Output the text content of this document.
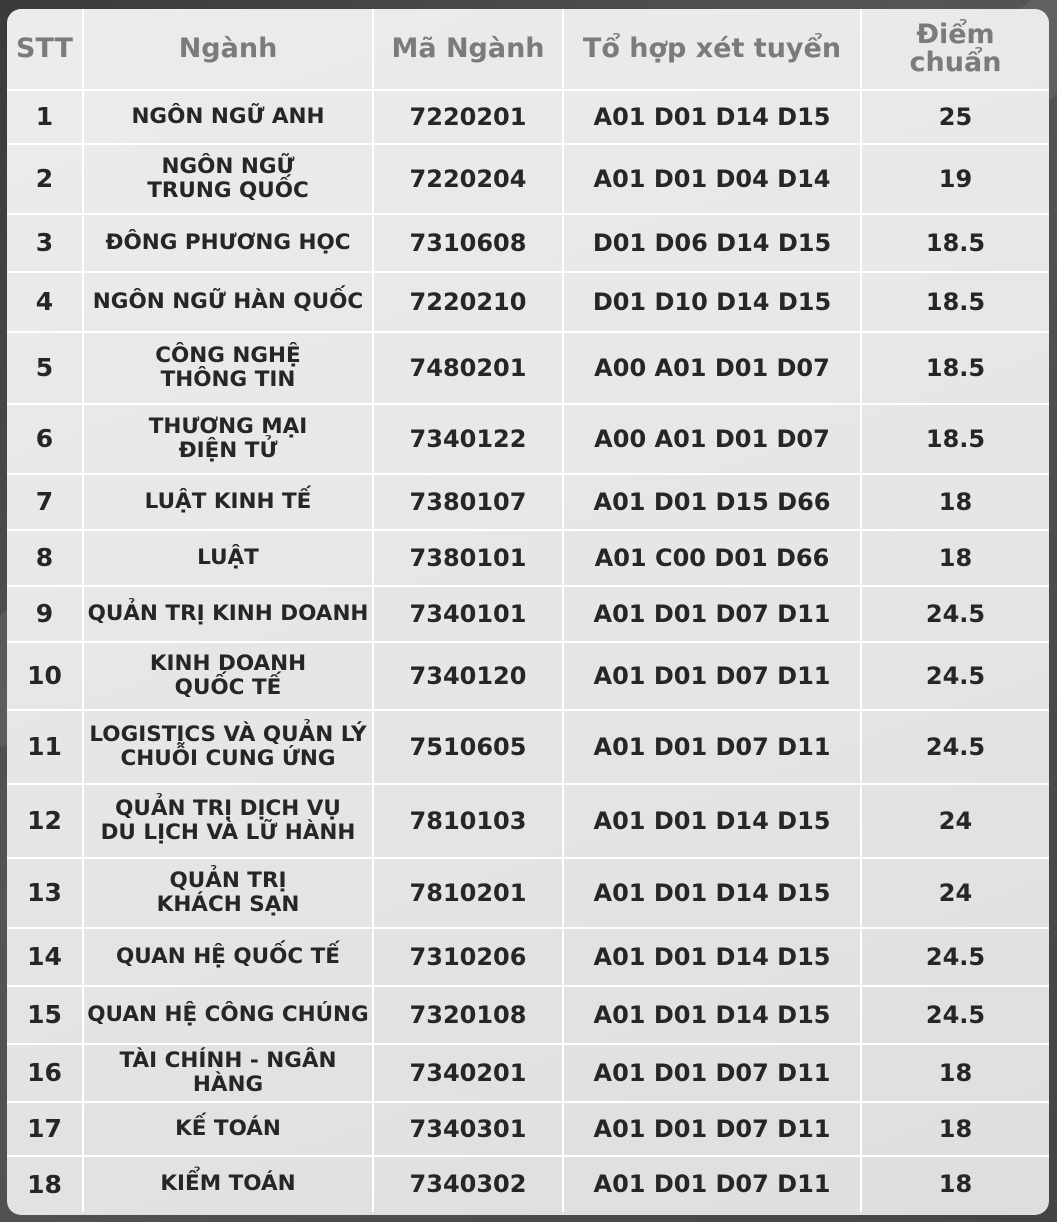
STT	Ngành	Mã Ngành	Tổ hợp xét tuyển	Điểm
chuẩn
1	NGÔN NGỮ ANH	7220201	A01 D01 D14 D15	25
2	NGÔN NGỮ
TRUNG QUỐC	7220204	A01 D01 D04 D14	19
3	ĐÔNG PHƯƠNG HỌC	7310608	D01 D06 D14 D15	18.5
4	NGÔN NGỮ HÀN QUỐC	7220210	D01 D10 D14 D15	18.5
5	CÔNG NGHỆ
THÔNG TIN	7480201	A00 A01 D01 D07	18.5
6	THƯƠNG MẠI
ĐIỆN TỬ	7340122	A00 A01 D01 D07	18.5
7	LUẬT KINH TẾ	7380107	A01 D01 D15 D66	18
8	LUẬT	7380101	A01 C00 D01 D66	18
9	QUẢN TRỊ KINH DOANH	7340101	A01 D01 D07 D11	24.5
10	KINH DOANH
QUỐC TẾ	7340120	A01 D01 D07 D11	24.5
11	LOGISTICS VÀ QUẢN LÝ
CHUỖI CUNG ỨNG	7510605	A01 D01 D07 D11	24.5
12	QUẢN TRỊ DỊCH VỤ
DU LỊCH VÀ LỮ HÀNH	7810103	A01 D01 D14 D15	24
13	QUẢN TRỊ
KHÁCH SẠN	7810201	A01 D01 D14 D15	24
14	QUAN HỆ QUỐC TẾ	7310206	A01 D01 D14 D15	24.5
15	QUAN HỆ CÔNG CHÚNG	7320108	A01 D01 D14 D15	24.5
16	TÀI CHÍNH - NGÂN HÀNG	7340201	A01 D01 D07 D11	18
17	KẾ TOÁN	7340301	A01 D01 D07 D11	18
18	KIỂM TOÁN	7340302	A01 D01 D07 D11	18
